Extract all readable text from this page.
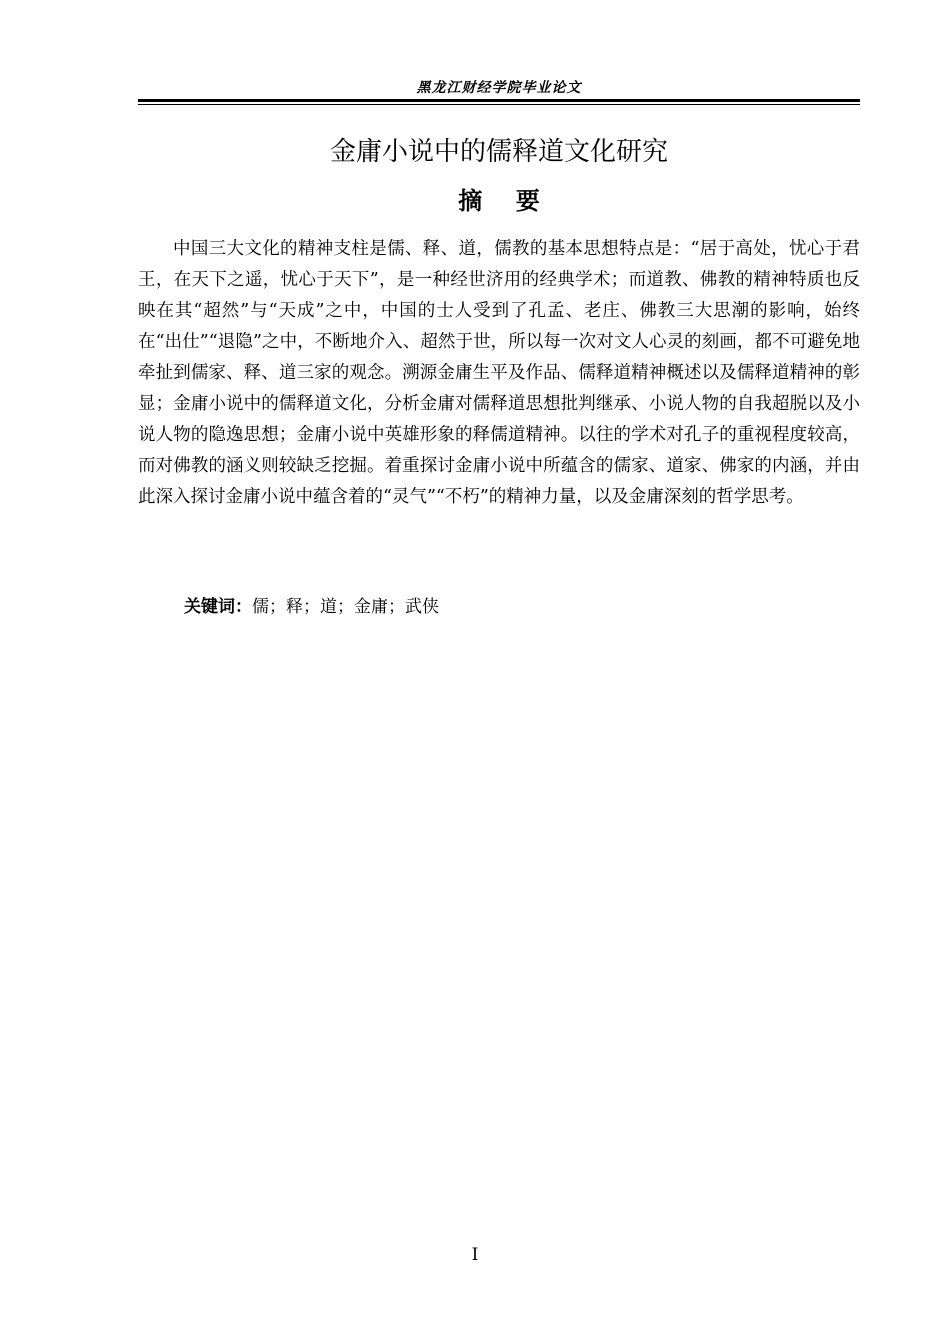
黑龙江财经学院毕业论文
金庸小说中的儒释道文化研究
摘    要

中国三大文化的精神支柱是儒、释、道，儒教的基本思想特点是：“居于高处，忧心于君王，在天下之遥，忧心于天下”，是一种经世济用的经典学术；而道教、佛教的精神特质也反映在其“超然”与“天成”之中，中国的士人受到了孔孟、老庄、佛教三大思潮的影响，始终在“出仕”“退隐”之中，不断地介入、超然于世，所以每一次对文人心灵的刻画，都不可避免地牵扯到儒家、释、道三家的观念。溯源金庸生平及作品、儒释道精神概述以及儒释道精神的彰显；金庸小说中的儒释道文化，分析金庸对儒释道思想批判继承、小说人物的自我超脱以及小说人物的隐逸思想；金庸小说中英雄形象的释儒道精神。以往的学术对孔子的重视程度较高，而对佛教的涵义则较缺乏挖掘。着重探讨金庸小说中所蕴含的儒家、道家、佛家的内涵，并由此深入探讨金庸小说中蕴含着的“灵气”“不朽”的精神力量，以及金庸深刻的哲学思考。

关键词：儒；释；道；金庸；武侠
I
